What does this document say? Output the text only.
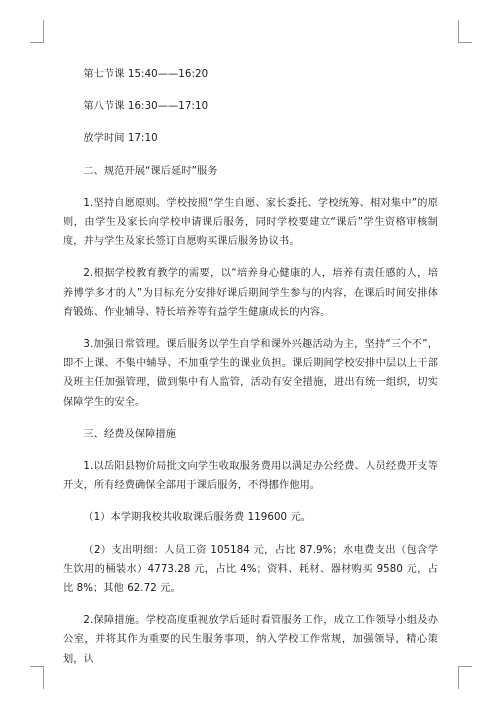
第七节课 15:40——16:20

第八节课 16:30——17:10

放学时间 17:10

二、规范开展“课后延时”服务

1.坚持自愿原则。学校按照“学生自愿、家长委托、学校统筹、相对集中”的原则，由学生及家长向学校申请课后服务，同时学校要建立“课后”学生资格审核制度，并与学生及家长签订自愿购买课后服务协议书。

2.根据学校教育教学的需要，以“培养身心健康的人，培养有责任感的人，培养博学多才的人”为目标充分安排好课后期间学生参与的内容，在课后时间安排体育锻炼、作业辅导、特长培养等有益学生健康成长的内容。

3.加强日常管理。课后服务以学生自学和课外兴趣活动为主，坚持“三个不”，即不上课、不集中辅导、不加重学生的课业负担。课后期间学校安排中层以上干部及班主任加强管理，做到集中有人监管，活动有安全措施，进出有统一组织，切实保障学生的安全。

三、经费及保障措施

1.以岳阳县物价局批文向学生收取服务费用以满足办公经费、人员经费开支等开支，所有经费确保全部用于课后服务，不得挪作他用。

（1）本学期我校共收取课后服务费 119600 元。

（2）支出明细：人员工资 105184 元，占比 87.9%；水电费支出（包含学生饮用的桶装水）4773.28 元，占比 4%；资料、耗材、器材购买 9580 元，占比 8%；其他 62.72 元。

2.保障措施。学校高度重视放学后延时看管服务工作，成立工作领导小组及办公室，并将其作为重要的民生服务事项，纳入学校工作常规，加强领导，精心策划，认
